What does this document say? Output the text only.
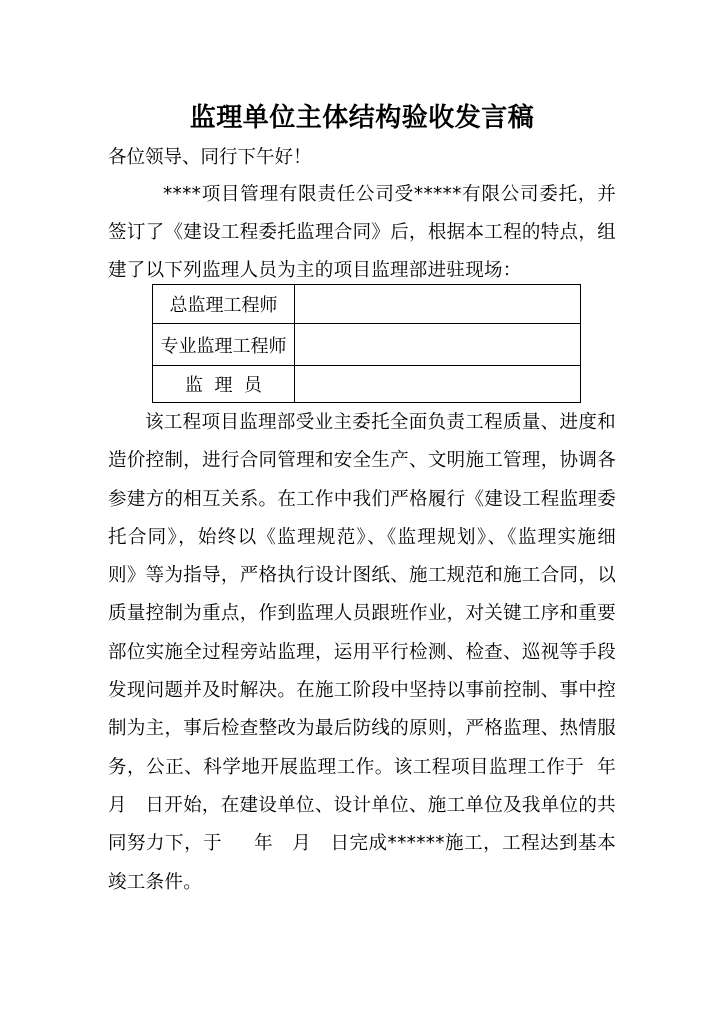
监理单位主体结构验收发言稿
各位领导、同行下午好！
****项目管理有限责任公司受*****有限公司委托，并签订了《建设工程委托监理合同》后，根据本工程的特点，组建了以下列监理人员为主的项目监理部进驻现场：
总监理工程师	
专业监理工程师	
监  理  员	
该工程项目监理部受业主委托全面负责工程质量、进度和造价控制，进行合同管理和安全生产、文明施工管理，协调各参建方的相互关系。在工作中我们严格履行《建设工程监理委托合同》，始终以《监理规范》、《监理规划》、《监理实施细则》等为指导，严格执行设计图纸、施工规范和施工合同，以质量控制为重点，作到监理人员跟班作业，对关键工序和重要部位实施全过程旁站监理，运用平行检测、检查、巡视等手段发现问题并及时解决。在施工阶段中坚持以事前控制、事中控制为主，事后检查整改为最后防线的原则，严格监理、热情服务，公正、科学地开展监理工作。该工程项目监理工作于  年  月   日开始，在建设单位、设计单位、施工单位及我单位的共同努力下，于     年   月   日完成******施工，工程达到基本竣工条件。
